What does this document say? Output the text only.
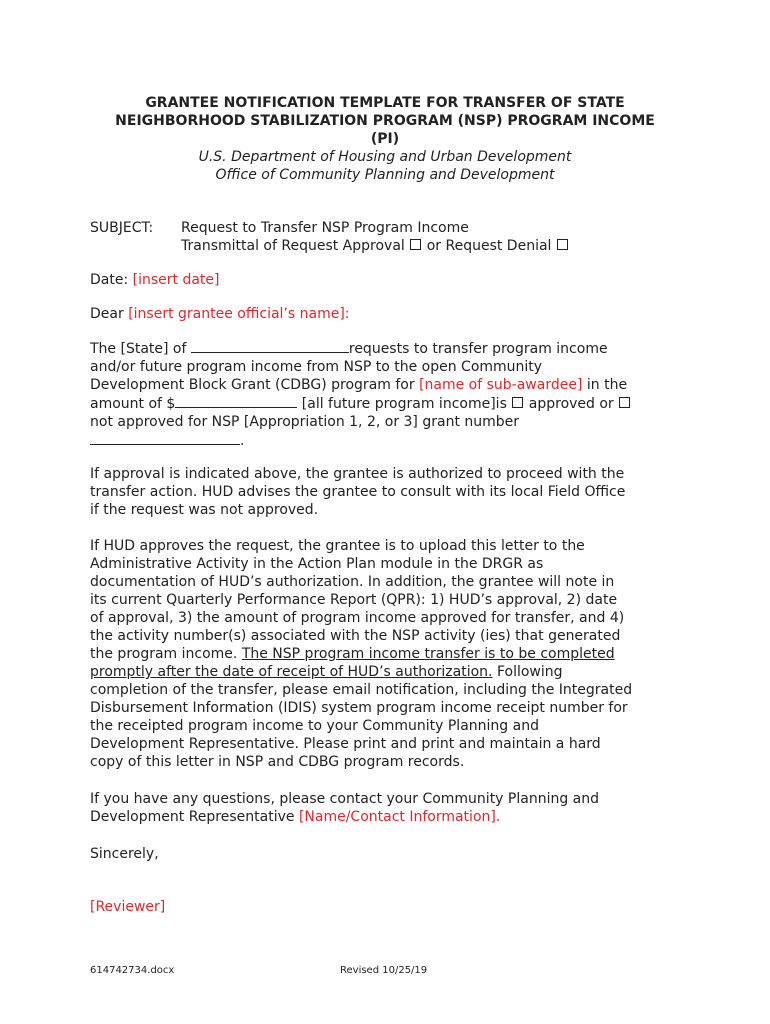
GRANTEE NOTIFICATION TEMPLATE FOR TRANSFER OF STATE
NEIGHBORHOOD STABILIZATION PROGRAM (NSP) PROGRAM INCOME
(PI)
U.S. Department of Housing and Urban Development
Office of Community Planning and Development
SUBJECT: Request to Transfer NSP Program Income
Transmittal of Request Approval or Request Denial
Date: [insert date]
Dear [insert grantee official’s name]:
The [State] of	requests to transfer program income
and/or future program income from NSP to the open Community
Development Block Grant (CDBG) program for [name of sub-awardee] in the
amount of $	[all future program income]is  approved or
not approved for NSP [Appropriation 1, 2, or 3] grant number
.
If approval is indicated above, the grantee is authorized to proceed with the
transfer action. HUD advises the grantee to consult with its local Field Office
if the request was not approved.
If HUD approves the request, the grantee is to upload this letter to the
Administrative Activity in the Action Plan module in the DRGR as
documentation of HUD’s authorization. In addition, the grantee will note in
its current Quarterly Performance Report (QPR): 1) HUD’s approval, 2) date
of approval, 3) the amount of program income approved for transfer, and 4)
the activity number(s) associated with the NSP activity (ies) that generated
the program income. The NSP program income transfer is to be completed
promptly after the date of receipt of HUD’s authorization. Following
completion of the transfer, please email notification, including the Integrated
Disbursement Information (IDIS) system program income receipt number for
the receipted program income to your Community Planning and
Development Representative. Please print and print and maintain a hard
copy of this letter in NSP and CDBG program records.
If you have any questions, please contact your Community Planning and
Development Representative [Name/Contact Information].
Sincerely,
[Reviewer]
614742734.docx	Revised 10/25/19
